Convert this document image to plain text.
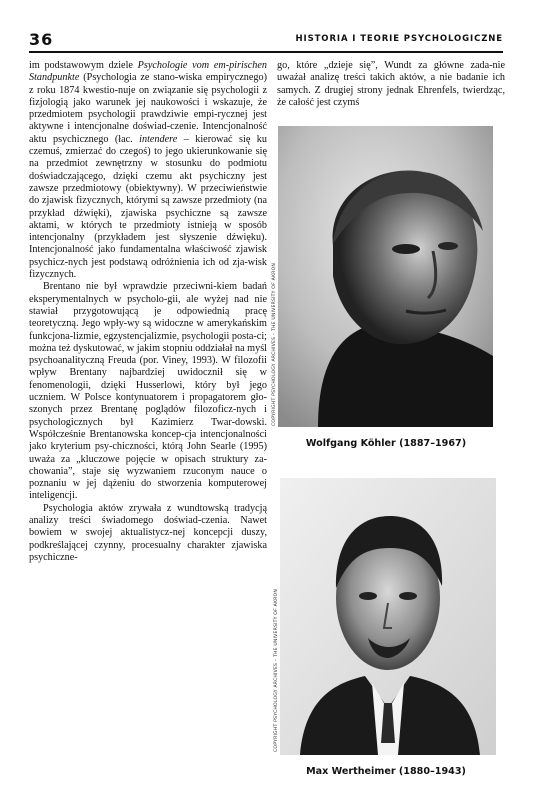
36	HISTORIA I TEORIE PSYCHOLOGICZNE

im podstawowym dziele Psychologie vom em-pirischen Standpunkte (Psychologia ze stano-wiska empirycznego) z roku 1874 kwestio-nuje on związanie się psychologii z fizjologią jako warunek jej naukowości i wskazuje, że przedmiotem psychologii prawdziwie empi-rycznej jest aktywne i intencjonalne doświad-czenie. Intencjonalność aktu psychicznego (łac. intendere – kierować się ku czemuś, zmierzać do czegoś) to jego ukierunkowanie się na przedmiot zewnętrzny w stosunku do podmiotu doświadczającego, dzięki czemu akt psychiczny jest zawsze przedmiotowy (obiektywny). W przeciwieństwie do zjawisk fizycznych, którymi są zawsze przedmioty (na przykład dźwięki), zjawiska psychiczne są zawsze aktami, w których te przedmioty istnieją w sposób intencjonalny (przykładem jest słyszenie dźwięku). Intencjonalność jako fundamentalna właściwość zjawisk psychicz-nych jest podstawą odróżnienia ich od zja-wisk fizycznych.

Brentano nie był wprawdzie przeciwni-kiem badań eksperymentalnych w psycholo-gii, ale wyżej nad nie stawiał przygotowującą je odpowiednią pracę teoretyczną. Jego wpły-wy są widoczne w amerykańskim funkcjona-lizmie, egzystencjalizmie, psychologii posta-ci; można też dyskutować, w jakim stopniu oddziałał na myśl psychoanalityczną Freuda (por. Viney, 1993). W filozofii wpływ Brentany najbardziej uwidocznił się w fenomenologii, dzięki Husserlowi, który był jego uczniem. W Polsce kontynuatorem i propagatorem gło-szonych przez Brentanę poglądów filozoficz-nych i psychologicznych był Kazimierz Twar-dowski. Współcześnie Brentanowska koncep-cja intencjonalności jako kryterium psy-chiczności, którą John Searle (1995) uważa za „kluczowe pojęcie w opisach struktury za-chowania”, staje się wyzwaniem rzuconym nauce o poznaniu w jej dążeniu do stworzenia komputerowej inteligencji.

Psychologia aktów zrywała z wundtowską tradycją analizy treści świadomego doświad-czenia. Nawet bowiem w swojej aktualistycz-nej koncepcji duszy, podkreślającej czynny, procesualny charakter zjawiska psychiczne-

go, które „dzieje się”, Wundt za główne zada-nie uważał analizę treści takich aktów, a nie badanie ich samych. Z drugiej strony jednak Ehrenfels, twierdząc, że całość jest czymś

COPYRIGHT PSYCHOLOGY ARCHIVES – THE UNIVERSITY OF AKRON
Wolfgang Köhler (1887–1967)
COPYRIGHT PSYCHOLOGY ARCHIVES – THE UNIVERSITY OF AKRON
Max Wertheimer (1880–1943)
